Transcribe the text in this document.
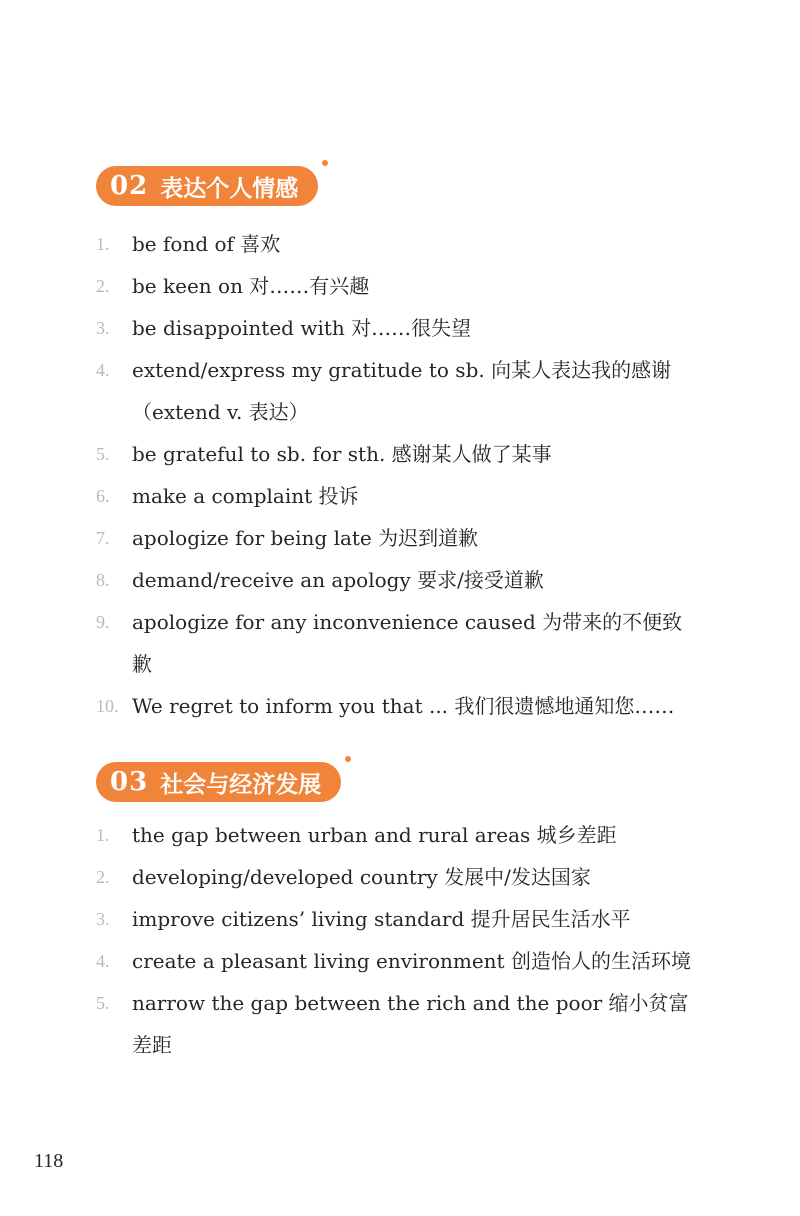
02 表达个人情感
1.	be fond of 喜欢
2.	be keen on 对……有兴趣
3.	be disappointed with 对……很失望
4.	extend/express my gratitude to sb. 向某人表达我的感谢（extend v. 表达）
5.	be grateful to sb. for sth. 感谢某人做了某事
6.	make a complaint 投诉
7.	apologize for being late 为迟到道歉
8.	demand/receive an apology 要求/接受道歉
9.	apologize for any inconvenience caused 为带来的不便致歉
10. We regret to inform you that ... 我们很遗憾地通知您……
03 社会与经济发展
1.	the gap between urban and rural areas 城乡差距
2.	developing/developed country 发展中/发达国家
3.	improve citizens’ living standard 提升居民生活水平
4.	create a pleasant living environment 创造怡人的生活环境
5.	narrow the gap between the rich and the poor 缩小贫富差距
118
